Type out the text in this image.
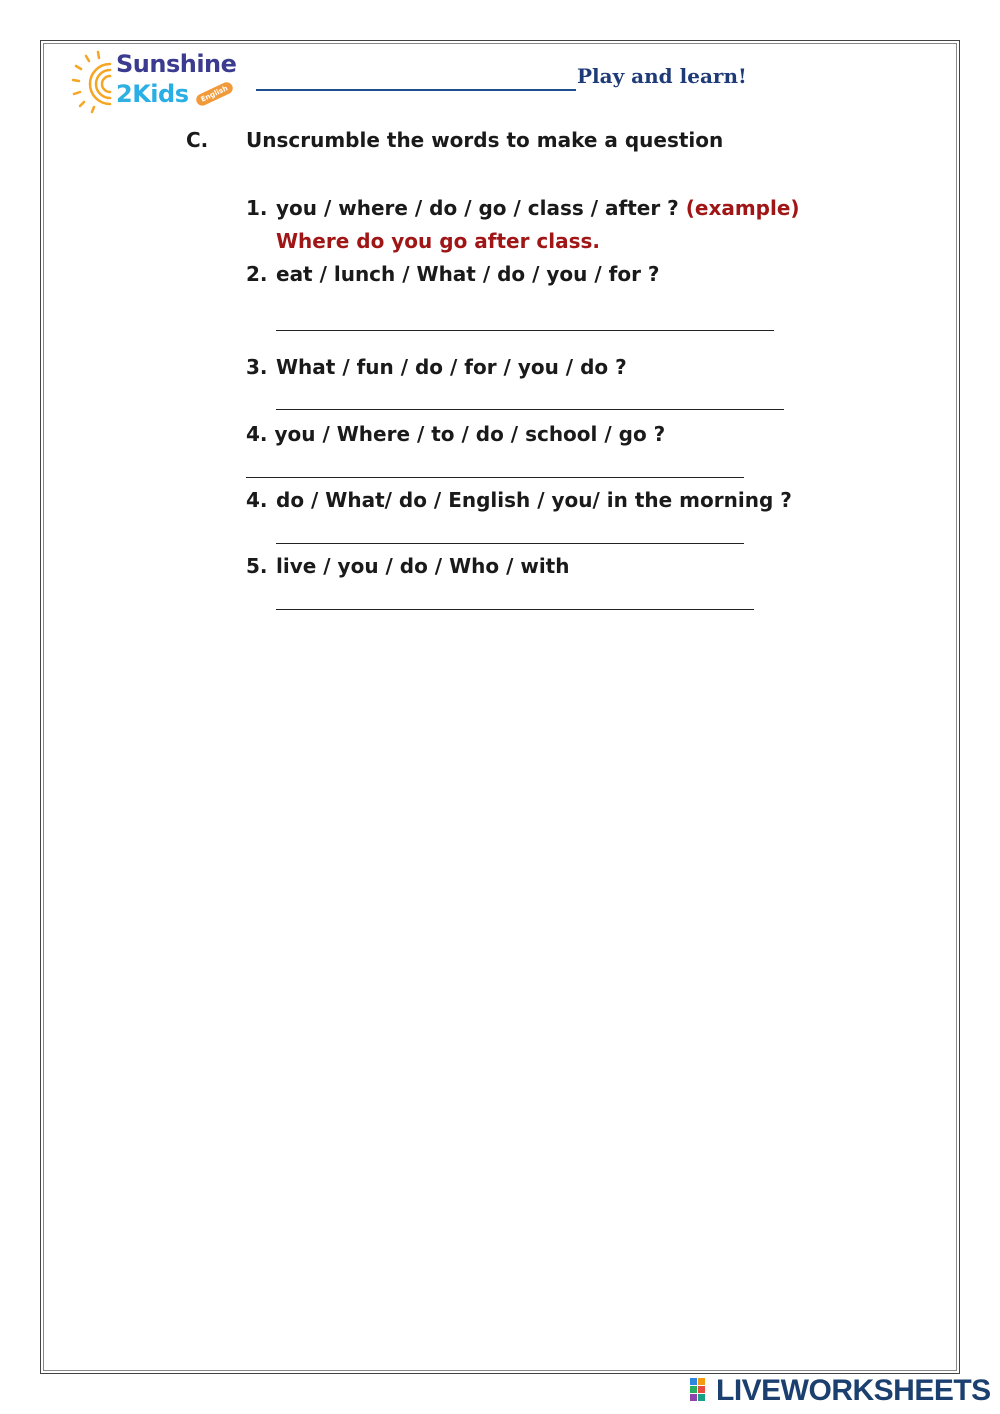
Sunshine
2Kids	English
Play and learn!
C. Unscrumble the words to make a question
1. you / where / do / go / class / after ? (example)
Where do you go after class.
2. eat / lunch / What / do / you / for ?
3. What / fun / do / for / you / do ?
4. you / Where / to / do / school / go ?
4. do / What/ do / English / you/ in the morning ?
5. live / you / do / Who / with
LIVEWORKSHEETS
